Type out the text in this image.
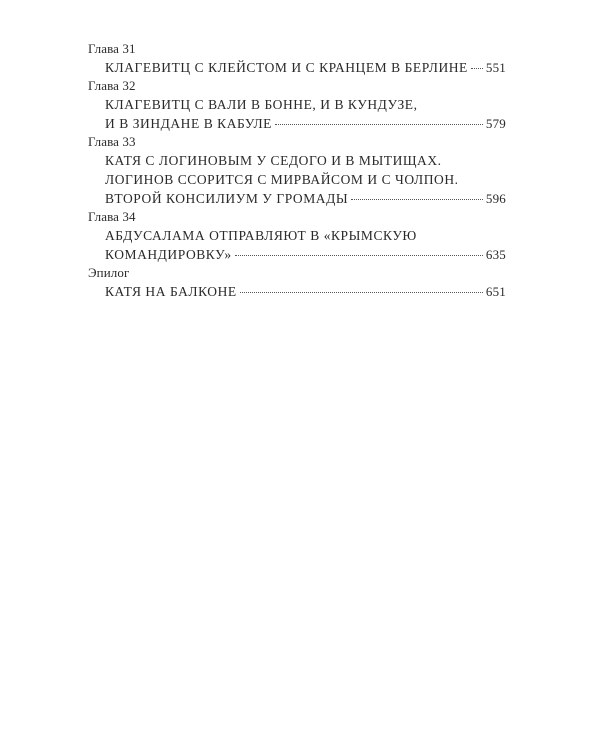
Глава 31
КЛАГЕВИТЦ С КЛЕЙСТОМ И С КРАНЦЕМ В БЕРЛИНЕ 551
Глава 32
КЛАГЕВИТЦ С ВАЛИ В БОННЕ, И В КУНДУЗЕ,
И В ЗИНДАНЕ В КАБУЛЕ	579
Глава 33
КАТЯ С ЛОГИНОВЫМ У СЕДОГО И В МЫТИЩАХ.
ЛОГИНОВ ССОРИТСЯ С МИРВАЙСОМ И С ЧОЛПОН.
ВТОРОЙ КОНСИЛИУМ У ГРОМАДЫ	596
Глава 34
АБДУСАЛАМА ОТПРАВЛЯЮТ В «КРЫМСКУЮ
КОМАНДИРОВКУ»	635
Эпилог
КАТЯ НА БАЛКОНЕ	651
